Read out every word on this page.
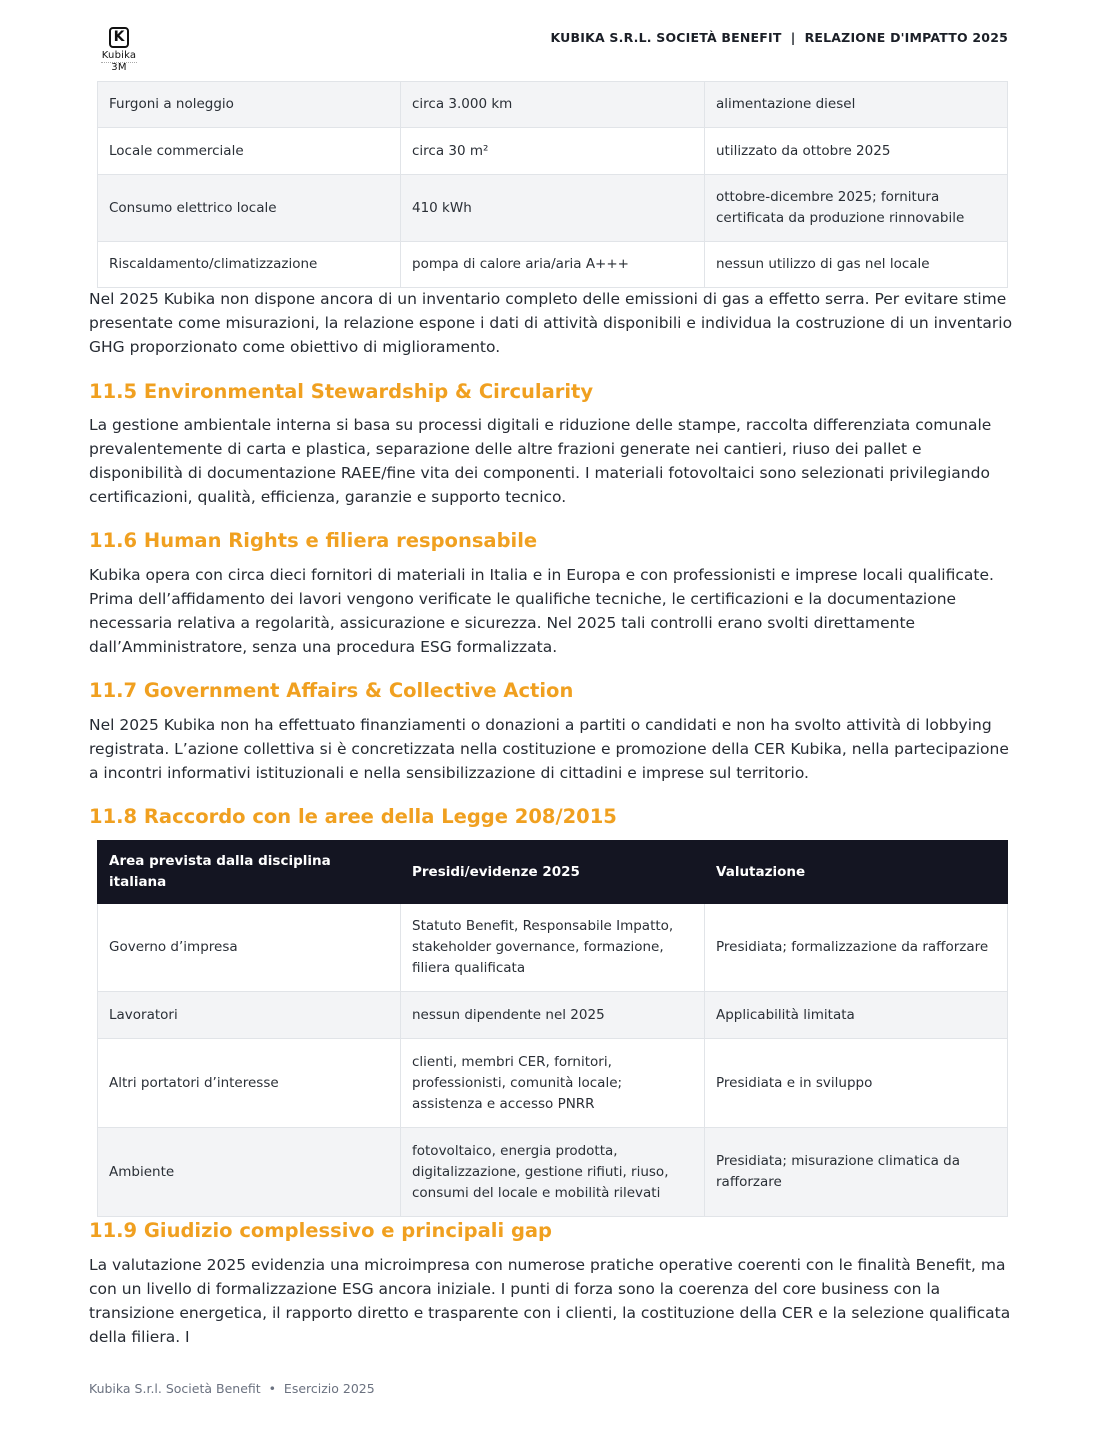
K
Kubika 3M
KUBIKA S.R.L. SOCIETÀ BENEFIT  |  RELAZIONE D'IMPATTO 2025
Furgoni a noleggio	circa 3.000 km	alimentazione diesel
Locale commerciale	circa 30 m²	utilizzato da ottobre 2025
Consumo elettrico locale	410 kWh	ottobre-dicembre 2025; fornitura certificata da produzione rinnovabile
Riscaldamento/climatizzazione	pompa di calore aria/aria A+++	nessun utilizzo di gas nel locale

Nel 2025 Kubika non dispone ancora di un inventario completo delle emissioni di gas a effetto serra. Per evitare stime presentate come misurazioni, la relazione espone i dati di attività disponibili e individua la costruzione di un inventario GHG proporzionato come obiettivo di miglioramento.

11.5 Environmental Stewardship & Circularity

La gestione ambientale interna si basa su processi digitali e riduzione delle stampe, raccolta differenziata comunale prevalentemente di carta e plastica, separazione delle altre frazioni generate nei cantieri, riuso dei pallet e disponibilità di documentazione RAEE/fine vita dei componenti. I materiali fotovoltaici sono selezionati privilegiando certificazioni, qualità, efficienza, garanzie e supporto tecnico.

11.6 Human Rights e filiera responsabile

Kubika opera con circa dieci fornitori di materiali in Italia e in Europa e con professionisti e imprese locali qualificate. Prima dell’affidamento dei lavori vengono verificate le qualifiche tecniche, le certificazioni e la documentazione necessaria relativa a regolarità, assicurazione e sicurezza. Nel 2025 tali controlli erano svolti direttamente dall’Amministratore, senza una procedura ESG formalizzata.

11.7 Government Affairs & Collective Action

Nel 2025 Kubika non ha effettuato finanziamenti o donazioni a partiti o candidati e non ha svolto attività di lobbying registrata. L’azione collettiva si è concretizzata nella costituzione e promozione della CER Kubika, nella partecipazione a incontri informativi istituzionali e nella sensibilizzazione di cittadini e imprese sul territorio.

11.8 Raccordo con le aree della Legge 208/2015
Area prevista dalla disciplina italiana	Presidi/evidenze 2025	Valutazione
Governo d’impresa	Statuto Benefit, Responsabile Impatto, stakeholder governance, formazione, filiera qualificata	Presidiata; formalizzazione da rafforzare
Lavoratori	nessun dipendente nel 2025	Applicabilità limitata
Altri portatori d’interesse	clienti, membri CER, fornitori, professionisti, comunità locale; assistenza e accesso PNRR	Presidiata e in sviluppo
Ambiente	fotovoltaico, energia prodotta, digitalizzazione, gestione rifiuti, riuso, consumi del locale e mobilità rilevati	Presidiata; misurazione climatica da rafforzare
11.9 Giudizio complessivo e principali gap

La valutazione 2025 evidenzia una microimpresa con numerose pratiche operative coerenti con le finalità Benefit, ma con un livello di formalizzazione ESG ancora iniziale. I punti di forza sono la coerenza del core business con la transizione energetica, il rapporto diretto e trasparente con i clienti, la costituzione della CER e la selezione qualificata della filiera. I

Kubika S.r.l. Società Benefit  •  Esercizio 2025
